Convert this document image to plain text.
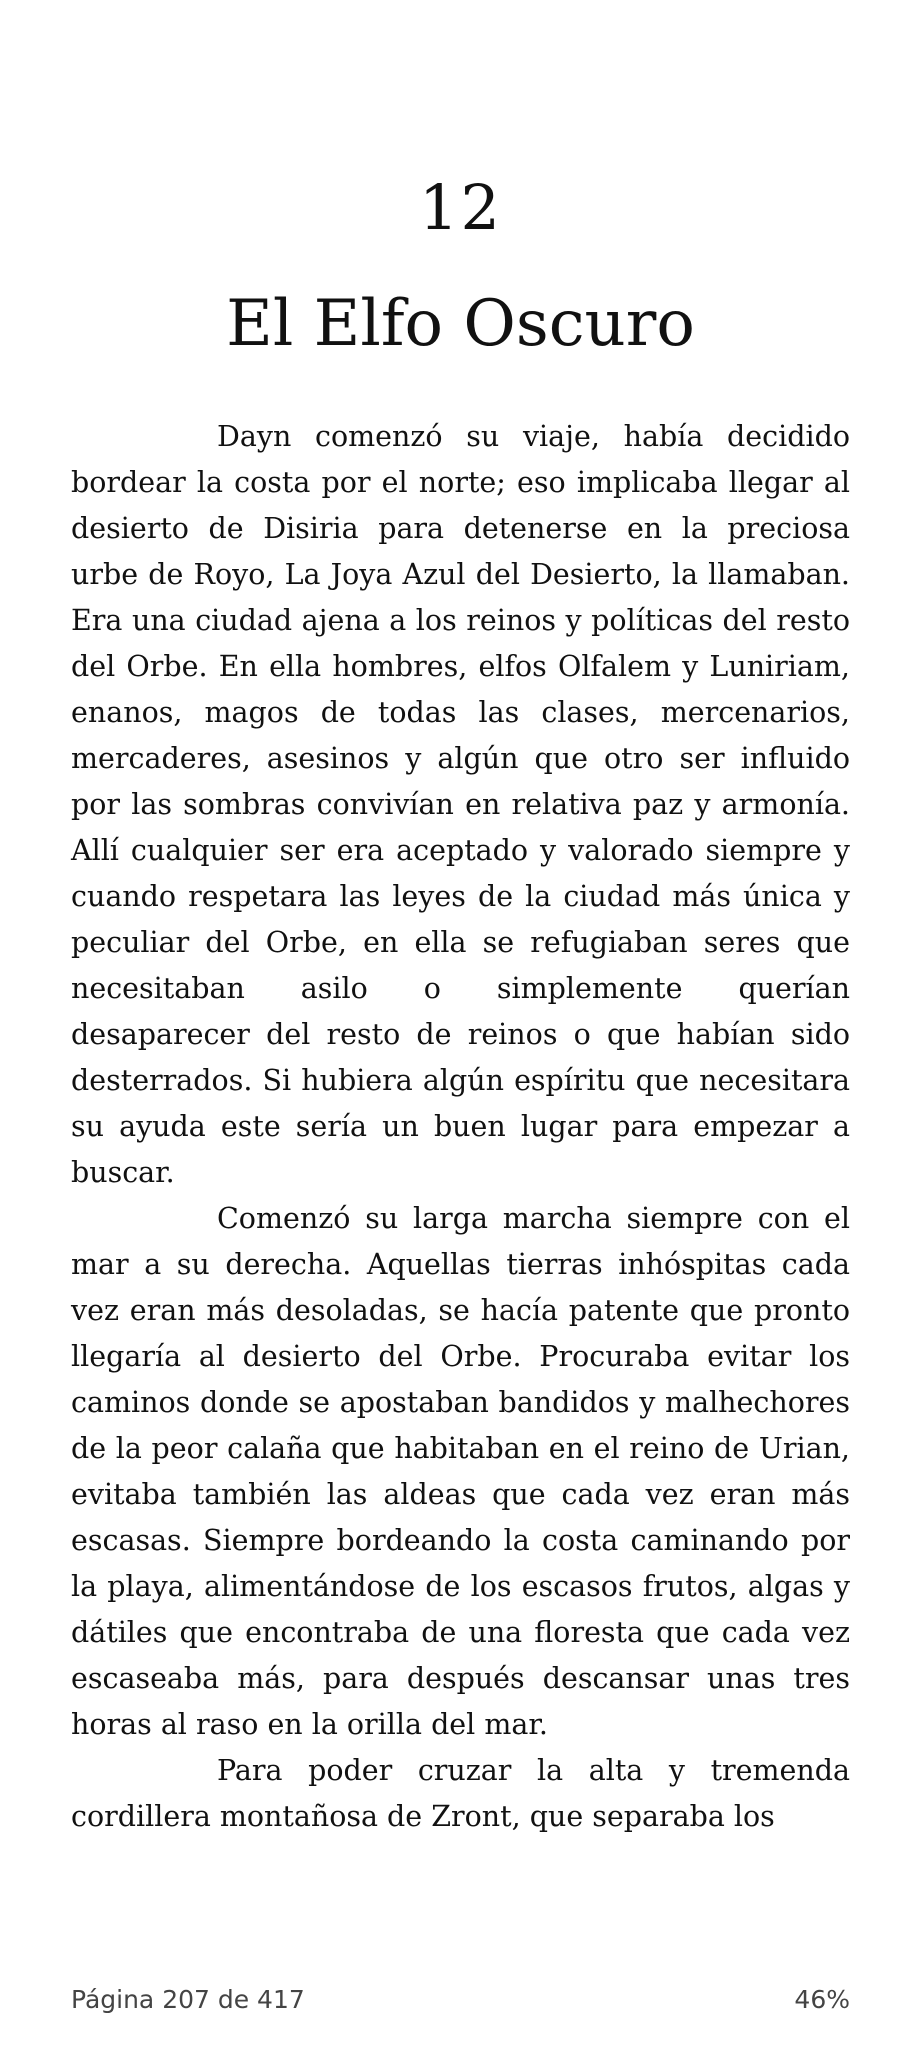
12
El Elfo Oscuro

Dayn comenzó su viaje, había decidido bordear la costa por el norte; eso implicaba llegar al desierto de Disiria para detenerse en la preciosa urbe de Royo, La Joya Azul del Desierto, la llamaban. Era una ciudad ajena a los reinos y políticas del resto del Orbe. En ella hombres, elfos Olfalem y Luniriam, enanos, magos de todas las clases, mercenarios, mercaderes, asesinos y algún que otro ser influido por las sombras convivían en relativa paz y armonía. Allí cualquier ser era aceptado y valorado siempre y cuando respetara las leyes de la ciudad más única y peculiar del Orbe, en ella se refugiaban seres que necesitaban asilo o simplemente querían desaparecer del resto de reinos o que habían sido desterrados. Si hubiera algún espíritu que necesitara su ayuda este sería un buen lugar para empezar a buscar.

Comenzó su larga marcha siempre con el mar a su derecha. Aquellas tierras inhóspitas cada vez eran más desoladas, se hacía patente que pronto llegaría al desierto del Orbe. Procuraba evitar los caminos donde se apostaban bandidos y malhechores de la peor calaña que habitaban en el reino de Urian, evitaba también las aldeas que cada vez eran más escasas. Siempre bordeando la costa caminando por la playa, alimentándose de los escasos frutos, algas y dátiles que encontraba de una floresta que cada vez escaseaba más, para después descansar unas tres horas al raso en la orilla del mar.

Para poder cruzar la alta y tremenda cordillera montañosa de Zront, que separaba los

Página 207 de 417	46%
